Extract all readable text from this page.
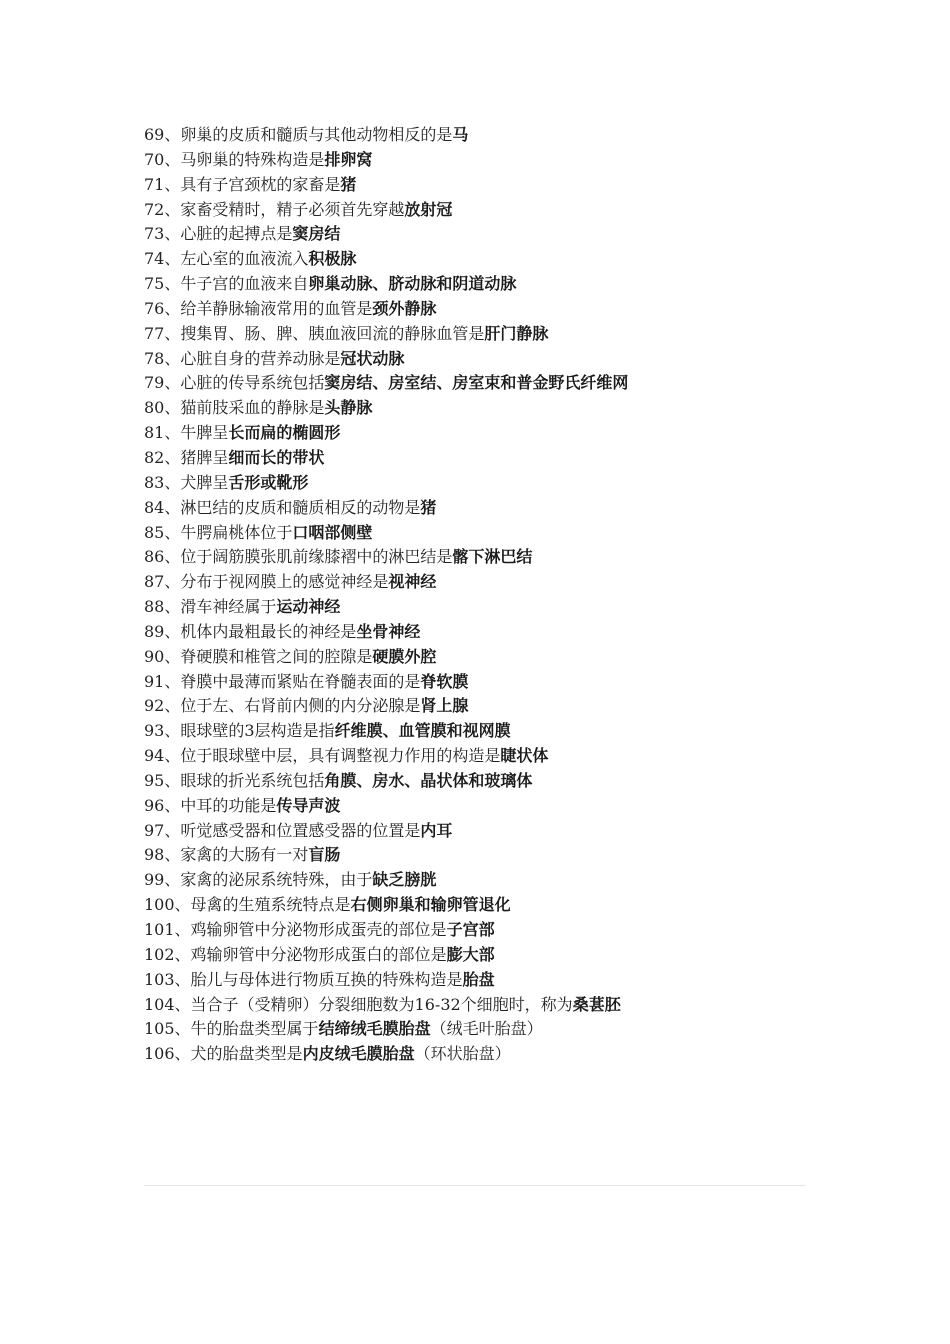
69、卵巢的皮质和髓质与其他动物相反的是马
70、马卵巢的特殊构造是排卵窝
71、具有子宫颈枕的家畜是猪
72、家畜受精时，精子必须首先穿越放射冠
73、心脏的起搏点是窦房结
74、左心室的血液流入积极脉
75、牛子宫的血液来自卵巢动脉、脐动脉和阴道动脉
76、给羊静脉输液常用的血管是颈外静脉
77、搜集胃、肠、脾、胰血液回流的静脉血管是肝门静脉
78、心脏自身的营养动脉是冠状动脉
79、心脏的传导系统包括窦房结、房室结、房室束和普金野氏纤维网
80、猫前肢采血的静脉是头静脉
81、牛脾呈长而扁的椭圆形
82、猪脾呈细而长的带状
83、犬脾呈舌形或靴形
84、淋巴结的皮质和髓质相反的动物是猪
85、牛腭扁桃体位于口咽部侧壁
86、位于阔筋膜张肌前缘膝褶中的淋巴结是髂下淋巴结
87、分布于视网膜上的感觉神经是视神经
88、滑车神经属于运动神经
89、机体内最粗最长的神经是坐骨神经
90、脊硬膜和椎管之间的腔隙是硬膜外腔
91、脊膜中最薄而紧贴在脊髓表面的是脊软膜
92、位于左、右肾前内侧的内分泌腺是肾上腺
93、眼球壁的3层构造是指纤维膜、血管膜和视网膜
94、位于眼球壁中层，具有调整视力作用的构造是睫状体
95、眼球的折光系统包括角膜、房水、晶状体和玻璃体
96、中耳的功能是传导声波
97、听觉感受器和位置感受器的位置是内耳
98、家禽的大肠有一对盲肠
99、家禽的泌尿系统特殊，由于缺乏膀胱
100、母禽的生殖系统特点是右侧卵巢和输卵管退化
101、鸡输卵管中分泌物形成蛋壳的部位是子宫部
102、鸡输卵管中分泌物形成蛋白的部位是膨大部
103、胎儿与母体进行物质互换的特殊构造是胎盘
104、当合子（受精卵）分裂细胞数为16-32个细胞时，称为桑葚胚
105、牛的胎盘类型属于结缔绒毛膜胎盘（绒毛叶胎盘）
106、犬的胎盘类型是内皮绒毛膜胎盘（环状胎盘）
